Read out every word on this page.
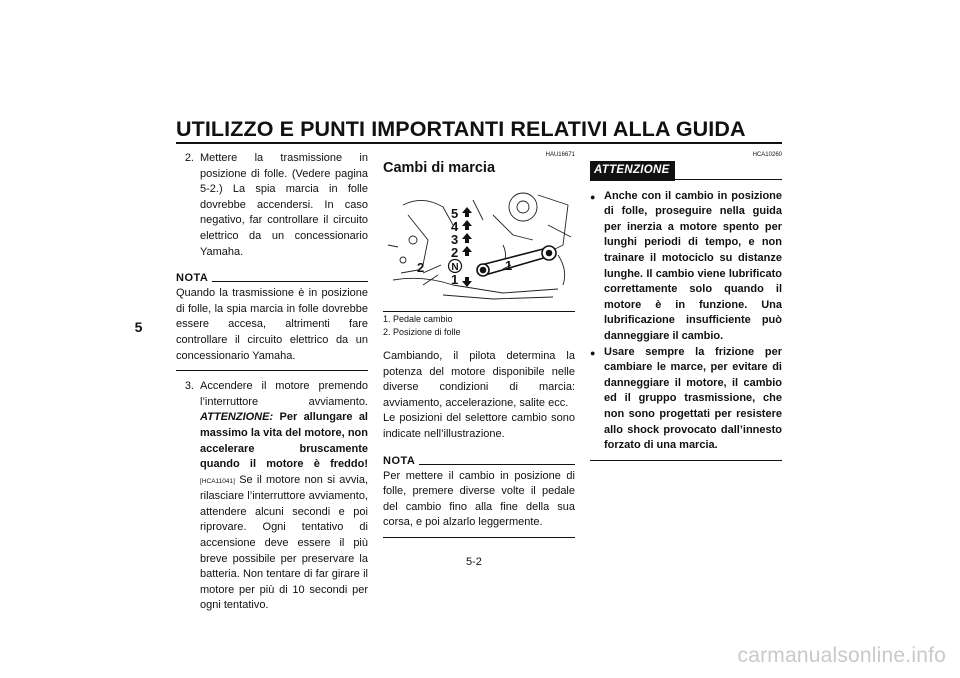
UTILIZZO E PUNTI IMPORTANTI RELATIVI ALLA GUIDA
5
2. Mettere la trasmissione in posizione di folle. (Vedere pagina 5-2.) La spia marcia in folle dovrebbe accendersi. In caso negativo, far controllare il circuito elettrico da un concessionario Yamaha.
NOTA
Quando la trasmissione è in posizione di folle, la spia marcia in folle dovrebbe essere accesa, altrimenti fare controllare il circuito elettrico da un concessionario Yamaha.
3. Accendere il motore premendo l’interruttore avviamento. ATTENZIONE: Per allungare al massimo la vita del motore, non accelerare bruscamente quando il motore è freddo![HCA11041] Se il motore non si avvia, rilasciare l’interruttore avviamento, attendere alcuni secondi e poi riprovare. Ogni tentativo di accensione deve essere il più breve possibile per preservare la batteria. Non tentare di far girare il motore per più di 10 secondi per ogni tentativo.
HAU16671
Cambi di marcia
5
4
3
2
1
1
2	N
1. Pedale cambio
2. Posizione di folle
Cambiando, il pilota determina la potenza del motore disponibile nelle diverse condizioni di marcia: avviamento, accelerazione, salite ecc.
Le posizioni del selettore cambio sono indicate nell’illustrazione.
NOTA
Per mettere il cambio in posizione di folle, premere diverse volte il pedale del cambio fino alla fine della sua corsa, e poi alzarlo leggermente.
HCA10260
ATTENZIONE
● Anche con il cambio in posizione di folle, proseguire nella guida per inerzia a motore spento per lunghi periodi di tempo, e non trainare il motociclo su distanze lunghe. Il cambio viene lubrificato correttamente solo quando il motore è in funzione. Una lubrificazione insufficiente può danneggiare il cambio.
● Usare sempre la frizione per cambiare le marce, per evitare di danneggiare il motore, il cambio ed il gruppo trasmissione, che non sono progettati per resistere allo shock provocato dall’innesto forzato di una marcia.
5-2
carmanualsonline.info
